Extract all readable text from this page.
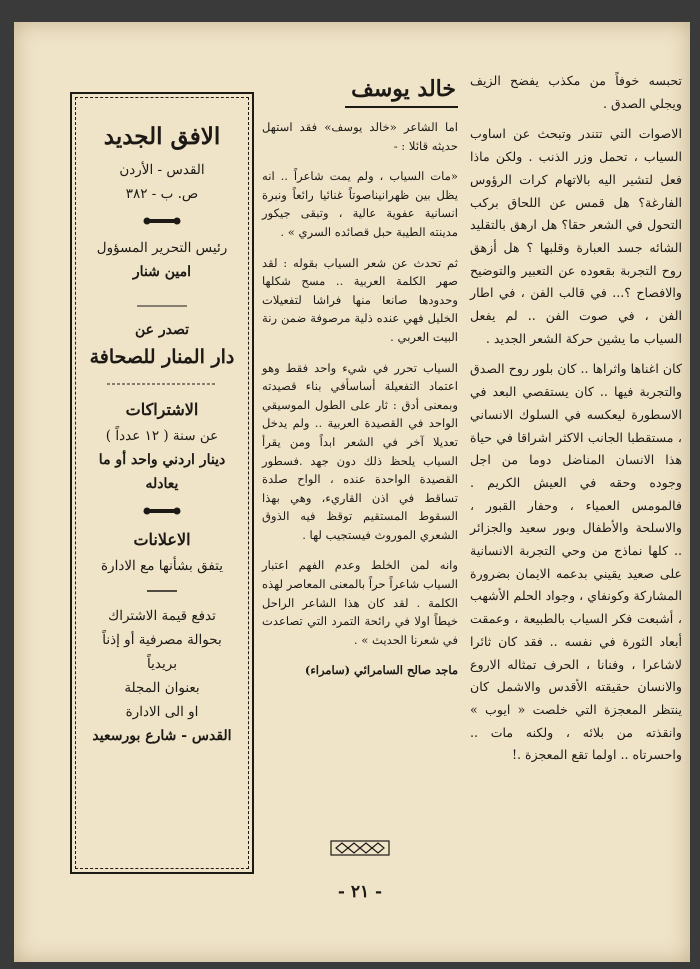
تحبسه خوفاً من مكذب يفضح الزيف ويجلي الصدق .

الاصوات التي تتندر وتبحث عن اساوب السياب ، تحمل وزر الذنب . ولكن ماذا فعل لتشير اليه بالاتهام كرات الرؤوس الفارغة؟ هل قمس عن اللحاق بركب التحول في الشعر حقا؟ هل ارهق بالتقليد الشائه جسد العبارة وقلبها ؟ هل أزهق روح التجربة بقعوده عن التعبير والتوضيح والافصاح ؟... في قالب الفن ، في اطار الفن ، في صوت الفن .. لم يفعل السياب ما يشين حركة الشعر الجديد .

كان اغناها واثراها .. كان بلور روح الصدق والتجربة فيها .. كان يستقصي البعد في الاسطورة ليعكسه في السلوك الانساني ، مستقطبا الجانب الاكثر اشراقا في حياة هذا الانسان المناضل دوما من اجل وجوده وحقه في العيش الكريم . فالمومس العمياء ، وحفار القبور ، والاسلحة والأطفال وبور سعيد والجزائر .. كلها نماذج من وحي التجربة الانسانية على صعيد يقيني بدعمه الايمان بضرورة المشاركة وكونفاي ، وجواد الحلم الأشهب ، أشبعت فكر السياب بالطبيعة ، وعمقت أبعاد الثورة في نفسه .. فقد كان ثائرا لاشاعرا ، وفنانا ، الحرف تمثاله الاروع والانسان حقيقته الأقدس والاشمل كان ينتظر المعجزة التي خلصت « ايوب » وانقذته من بلائه ، ولكنه مات .. واحسرتاه .. اولما تقع المعجزة .!

خالد يوسف

اما الشاعر «خالد يوسف» فقد استهل حديثه قائلا : -

«مات السياب ، ولم يمت شاعراً .. انه يظل بين ظهرانيناصوتاً غنائيا رائعاً ونبرة انسانية عفوية عالية ، وتبقى جيكور مدينته الطيبة حبل قصائده السري » .

ثم تحدث عن شعر السياب بقوله : لقد صهر الكلمة العربية .. مسح شكلها وحدودها صانعا منها فراشا لتفعيلات الخليل فهي عنده ذلية مرصوفة ضمن رنة البيت العربي .

السياب تحرر في شيء واحد فقط وهو اعتماد التفعيلة أساسأفي بناء قصيدته وبمعنى أدق : ثار على الطول الموسيقي الواحد في القصيدة العربية .. ولم يدخل تعديلا آخر في الشعر ابداً ومن يقرأ السياب يلحظ ذلك دون جهد .فسطور القصيدة الواحدة عنده ، الواح صلدة تساقط في اذن القاريء، وهي بهذا السقوط المستقيم توقظ فيه الذوق الشعري الموروث فيستجيب لها .

وانه لمن الخلط وعدم الفهم اعتبار السياب شاعراً حراً بالمعنى المعاصر لهذه الكلمة . لقد كان هذا الشاعر الراحل خيطاً اولا في رائحة التمرد التي تصاعدت في شعرنا الحديث » .

ماجد صالح السامرائي (سامراء)
- ٢١ -
الافق الجديد
القدس - الأردن
ص. ب - ٣٨٢
رئيس التحرير المسؤول
امين شنار
تصدر عن
دار المنار للصحافة
الاشتراكات
عن سنة ( ١٢ عدداً )
دينار اردني واحد أو ما يعادله
الاعلانات
يتفق بشأنها مع الادارة
تدفع قيمة الاشتراك
بحوالة مصرفية أو إذناً بريدياً
بعنوان المجلة
او الى الادارة
القدس - شارع بورسعيد
